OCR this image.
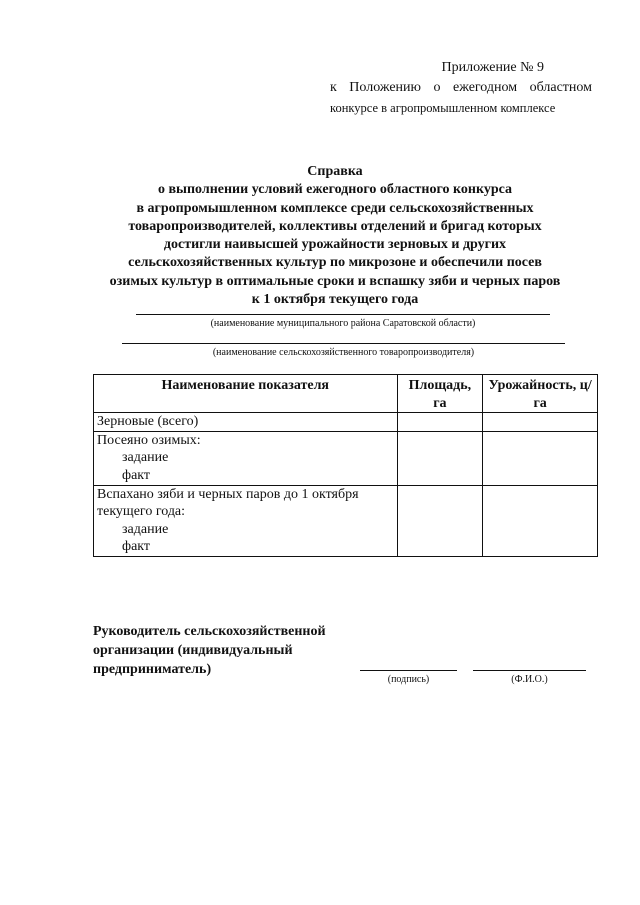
Приложение № 9
к Положению о ежегодном областном
конкурсе в агропромышленном комплексе
Справка
о выполнении условий ежегодного областного конкурса
в агропромышленном комплексе среди сельскохозяйственных
товаропроизводителей, коллективы отделений и бригад которых
достигли наивысшей урожайности зерновых и других
сельскохозяйственных культур по микрозоне и обеспечили посев
озимых культур в оптимальные сроки и вспашку зяби и черных паров
к 1 октября текущего года
(наименование муниципального района Саратовской области)
(наименование сельскохозяйственного товаропроизводителя)
Наименование показателя	Площадь, га	Урожайность, ц/га
Зерновые (всего)		

Посеяно озимых:
задание
факт		

Вспахано зяби и черных паров до 1 октября
текущего года:
задание
факт		

Руководитель сельскохозяйственной
организации (индивидуальный
предприниматель)
(подпись)	(Ф.И.О.)
